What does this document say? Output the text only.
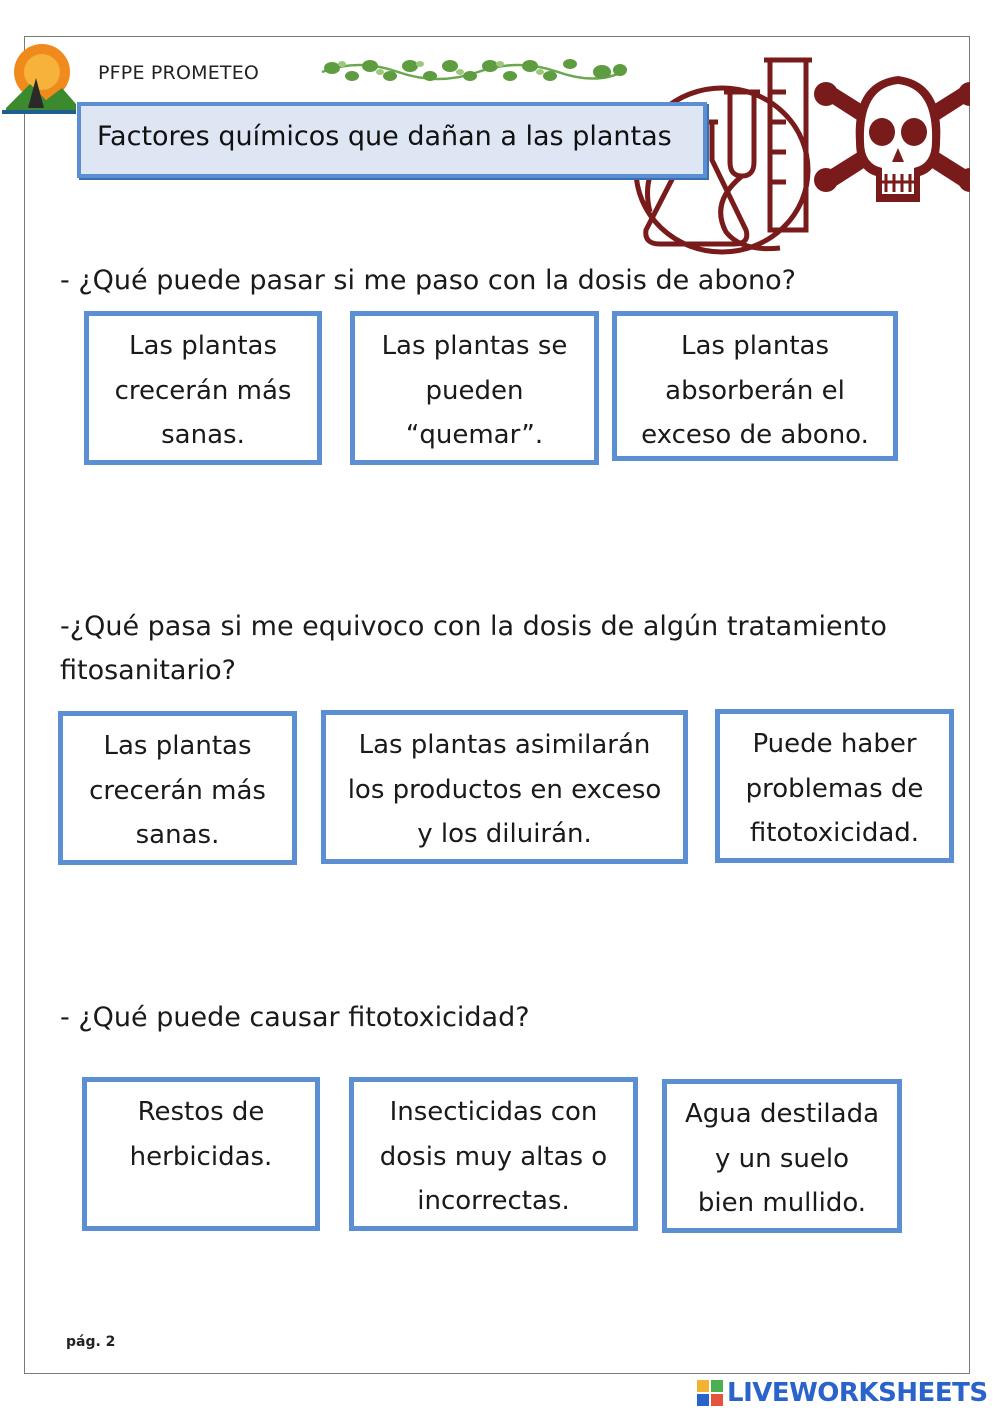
PFPE PROMETEO
Factores químicos que dañan a las plantas
- ¿Qué puede pasar si me paso con la dosis de abono?
Las plantas
crecerán más
sanas.
Las plantas se
pueden
“quemar”.
Las plantas
absorberán el
exceso de abono.
-¿Qué pasa si me equivoco con la dosis de algún tratamiento
fitosanitario?
Las plantas
crecerán más
sanas.
Las plantas asimilarán
los productos en exceso
y los diluirán.
Puede haber
problemas de
fitotoxicidad.
- ¿Qué puede causar fitotoxicidad?
Restos de
herbicidas.
Insecticidas con
dosis muy altas o
incorrectas.
Agua destilada
y un suelo
bien mullido.
pág. 2
LIVEWORKSHEETS
